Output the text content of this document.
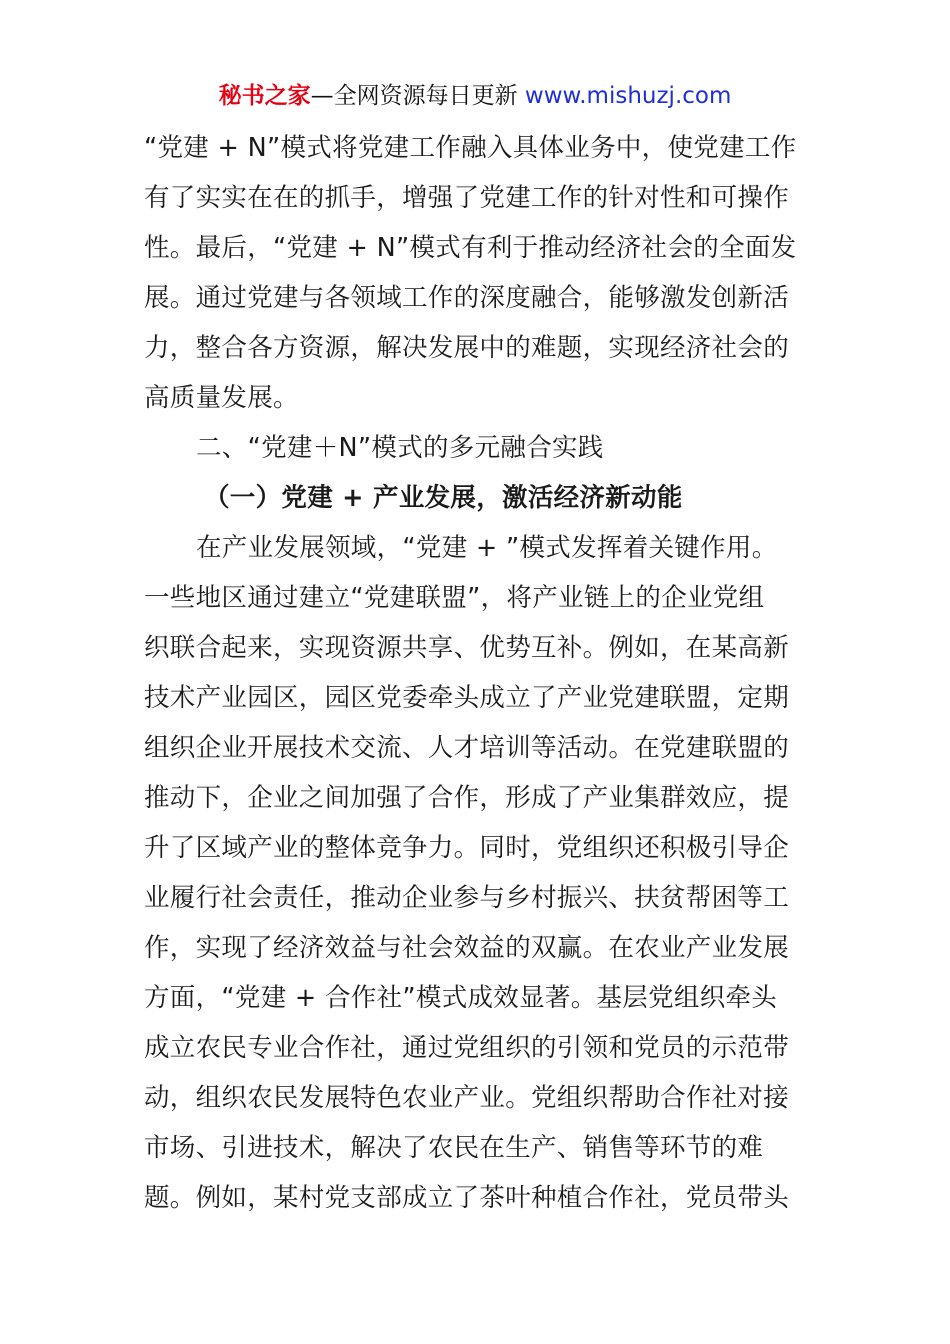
秘书之家—全网资源每日更新 www.mishuzj.com
“党建 + N”模式将党建工作融入具体业务中，使党建工作
有了实实在在的抓手，增强了党建工作的针对性和可操作
性。最后，“党建 + N”模式有利于推动经济社会的全面发
展。通过党建与各领域工作的深度融合，能够激发创新活
力，整合各方资源，解决发展中的难题，实现经济社会的
高质量发展。
二、“党建＋N”模式的多元融合实践
（一）党建 + 产业发展，激活经济新动能
在产业发展领域，“党建 + ”模式发挥着关键作用。
一些地区通过建立“党建联盟”，将产业链上的企业党组
织联合起来，实现资源共享、优势互补。例如，在某高新
技术产业园区，园区党委牵头成立了产业党建联盟，定期
组织企业开展技术交流、人才培训等活动。在党建联盟的
推动下，企业之间加强了合作，形成了产业集群效应，提
升了区域产业的整体竞争力。同时，党组织还积极引导企
业履行社会责任，推动企业参与乡村振兴、扶贫帮困等工
作，实现了经济效益与社会效益的双赢。在农业产业发展
方面，“党建 + 合作社”模式成效显著。基层党组织牵头
成立农民专业合作社，通过党组织的引领和党员的示范带
动，组织农民发展特色农业产业。党组织帮助合作社对接
市场、引进技术，解决了农民在生产、销售等环节的难
题。例如，某村党支部成立了茶叶种植合作社，党员带头
